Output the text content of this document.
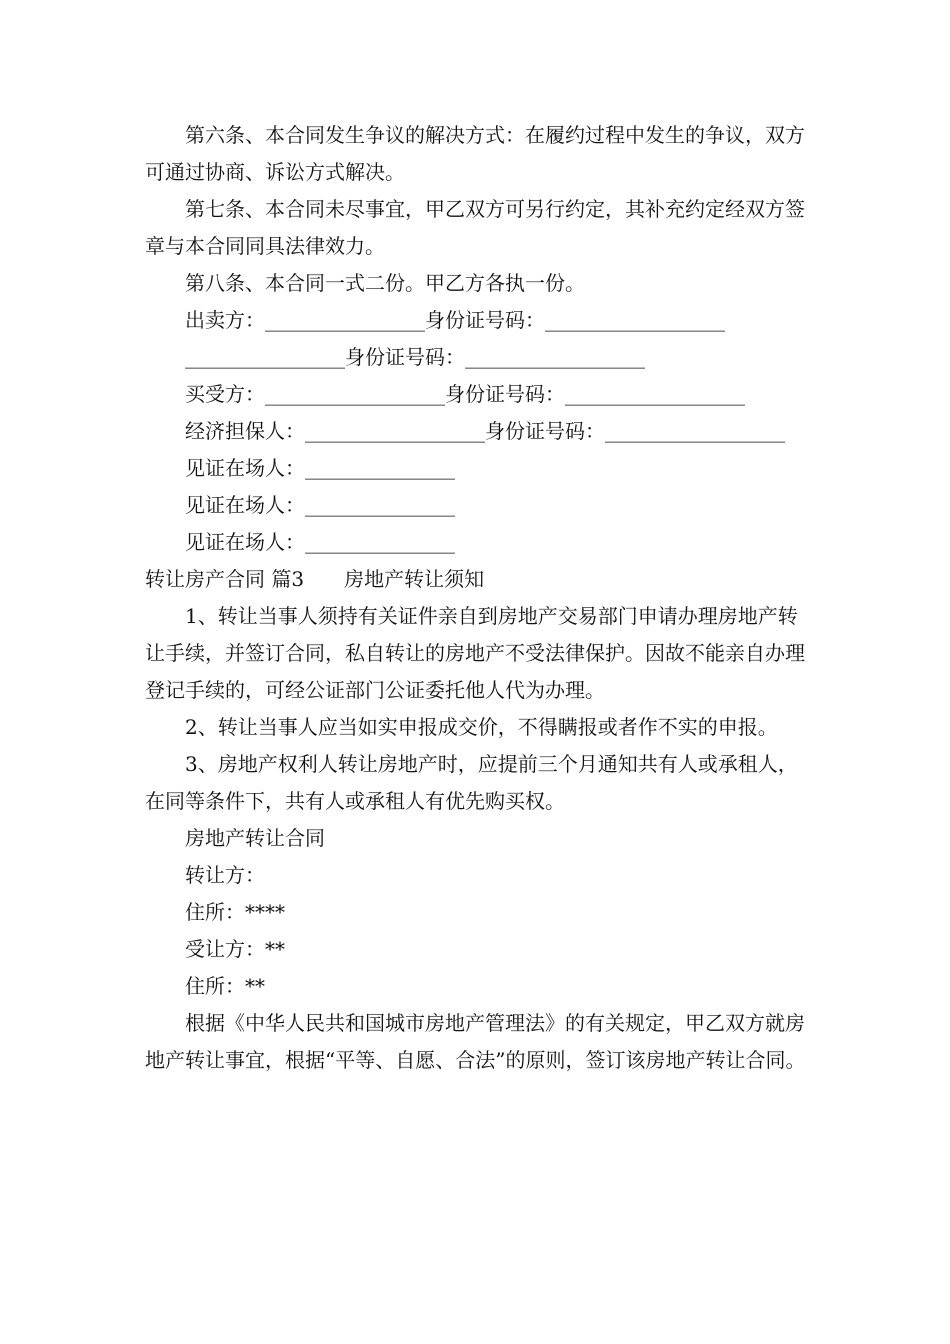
第六条、本合同发生争议的解决方式：在履约过程中发生的争议，双方可通过协商、诉讼方式解决。

第七条、本合同未尽事宜，甲乙双方可另行约定，其补充约定经双方签章与本合同同具法律效力。

第八条、本合同一式二份。甲乙方各执一份。

出卖方：________________身份证号码：__________________

________________身份证号码：__________________

买受方：__________________身份证号码：__________________

经济担保人：__________________身份证号码：__________________

见证在场人：_______________

见证在场人：_______________

见证在场人：_______________

转让房产合同 篇3　　房地产转让须知

1、转让当事人须持有关证件亲自到房地产交易部门申请办理房地产转让手续，并签订合同，私自转让的房地产不受法律保护。因故不能亲自办理登记手续的，可经公证部门公证委托他人代为办理。

2、转让当事人应当如实申报成交价，不得瞒报或者作不实的申报。

3、房地产权利人转让房地产时，应提前三个月通知共有人或承租人，在同等条件下，共有人或承租人有优先购买权。

房地产转让合同

转让方：

住所：****

受让方：**

住所：**

根据《中华人民共和国城市房地产管理法》的有关规定，甲乙双方就房地产转让事宜，根据“平等、自愿、合法”的原则，签订该房地产转让合同。
